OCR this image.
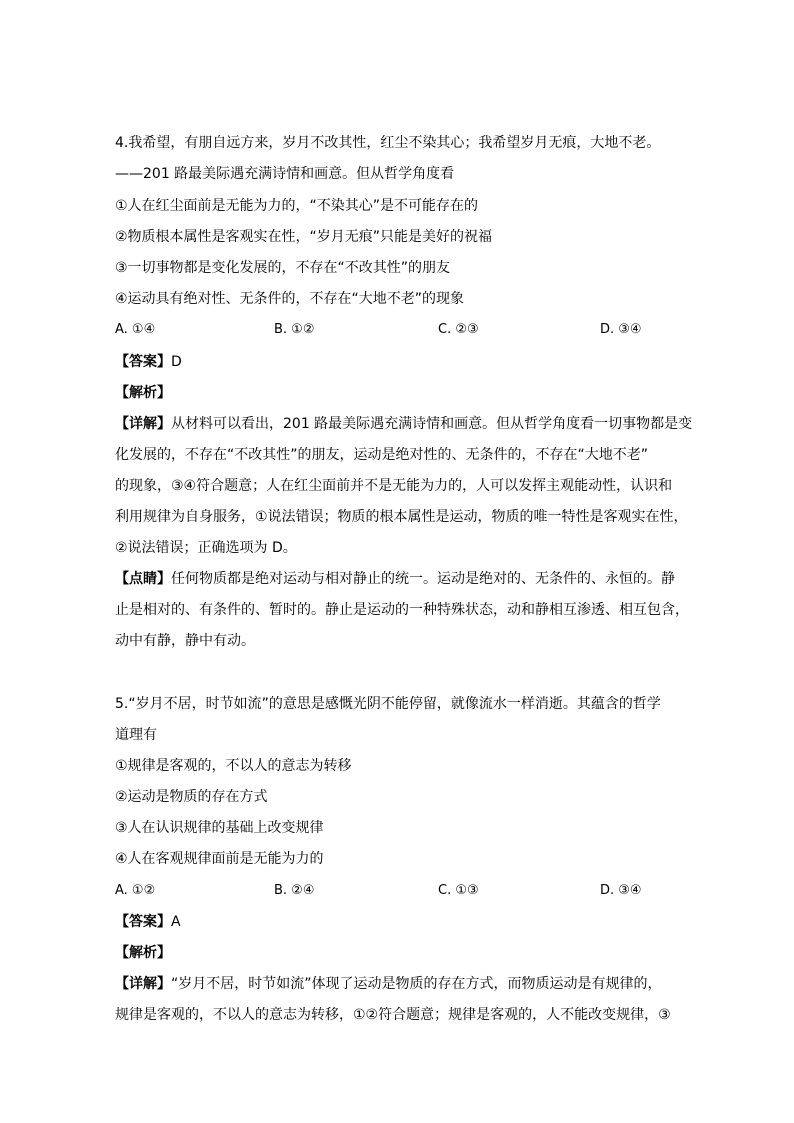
4.我希望，有朋自远方来，岁月不改其性，红尘不染其心；我希望岁月无痕，大地不老。
——201 路最美际遇充满诗情和画意。但从哲学角度看
①人在红尘面前是无能为力的，“不染其心”是不可能存在的
②物质根本属性是客观实在性，“岁月无痕”只能是美好的祝福
③一切事物都是变化发展的，不存在“不改其性”的朋友
④运动具有绝对性、无条件的，不存在“大地不老”的现象
A. ①④	B. ①②	C. ②③	D. ③④
【答案】D
【解析】
【详解】从材料可以看出，201 路最美际遇充满诗情和画意。但从哲学角度看一切事物都是变
化发展的，不存在“不改其性”的朋友，运动是绝对性的、无条件的，不存在“大地不老”
的现象，③④符合题意；人在红尘面前并不是无能为力的，人可以发挥主观能动性，认识和
利用规律为自身服务，①说法错误；物质的根本属性是运动，物质的唯一特性是客观实在性，
②说法错误；正确选项为 D。
【点睛】任何物质都是绝对运动与相对静止的统一。运动是绝对的、无条件的、永恒的。静
止是相对的、有条件的、暂时的。静止是运动的一种特殊状态，动和静相互渗透、相互包含，
动中有静，静中有动。
5.“岁月不居，时节如流”的意思是感慨光阴不能停留，就像流水一样消逝。其蕴含的哲学
道理有
①规律是客观的，不以人的意志为转移
②运动是物质的存在方式
③人在认识规律的基础上改变规律
④人在客观规律面前是无能为力的
A. ①②	B. ②④	C. ①③	D. ③④
【答案】A
【解析】
【详解】“岁月不居，时节如流”体现了运动是物质的存在方式，而物质运动是有规律的，
规律是客观的，不以人的意志为转移，①②符合题意；规律是客观的，人不能改变规律，③
